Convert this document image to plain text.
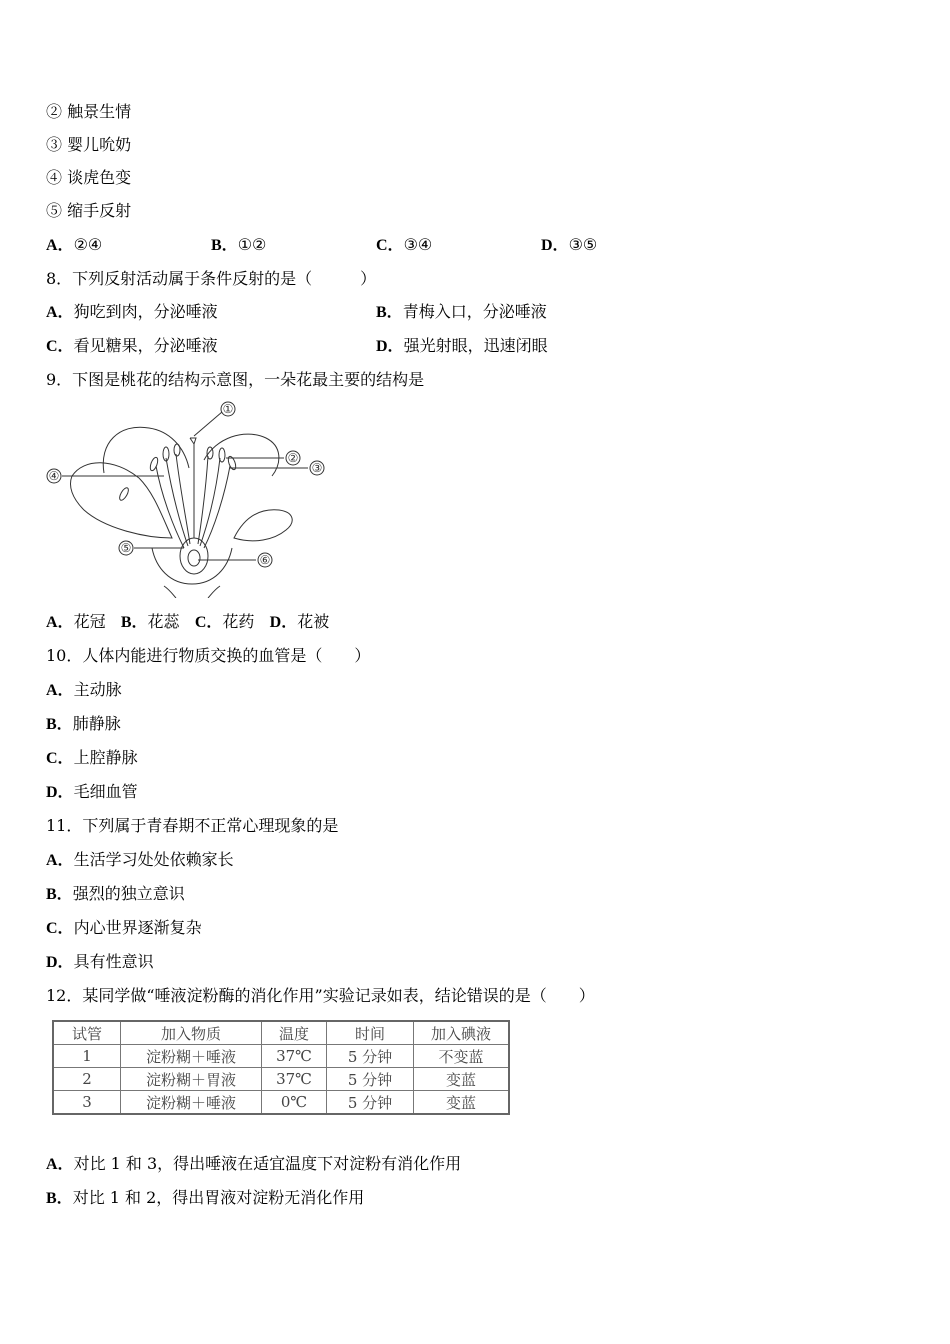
② 触景生情
③ 婴儿吮奶
④ 谈虎色变
⑤ 缩手反射
A．②④	B．①②	C．③④	D．③⑤
8．下列反射活动属于条件反射的是（　　　）
A．狗吃到肉，分泌唾液	B．青梅入口，分泌唾液
C．看见糖果，分泌唾液	D．强光射眼，迅速闭眼
9．下图是桃花的结构示意图，一朵花最主要的结构是
①
②
③
④
⑤
⑥
A．花冠 B．花蕊 C．花药 D．花被
10．人体内能进行物质交换的血管是（　　）
A．主动脉
B．肺静脉
C．上腔静脉
D．毛细血管
11．下列属于青春期不正常心理现象的是
A．生活学习处处依赖家长
B．强烈的独立意识
C．内心世界逐渐复杂
D．具有性意识
12．某同学做“唾液淀粉酶的消化作用”实验记录如表，结论错误的是（　　）
试管	加入物质	温度	时间	加入碘液
1	淀粉糊＋唾液	37℃	5 分钟	不变蓝
2	淀粉糊＋胃液	37℃	5 分钟	变蓝
3	淀粉糊＋唾液	0℃	5 分钟	变蓝
A．对比 1 和 3，得出唾液在适宜温度下对淀粉有消化作用
B．对比 1 和 2，得出胃液对淀粉无消化作用
